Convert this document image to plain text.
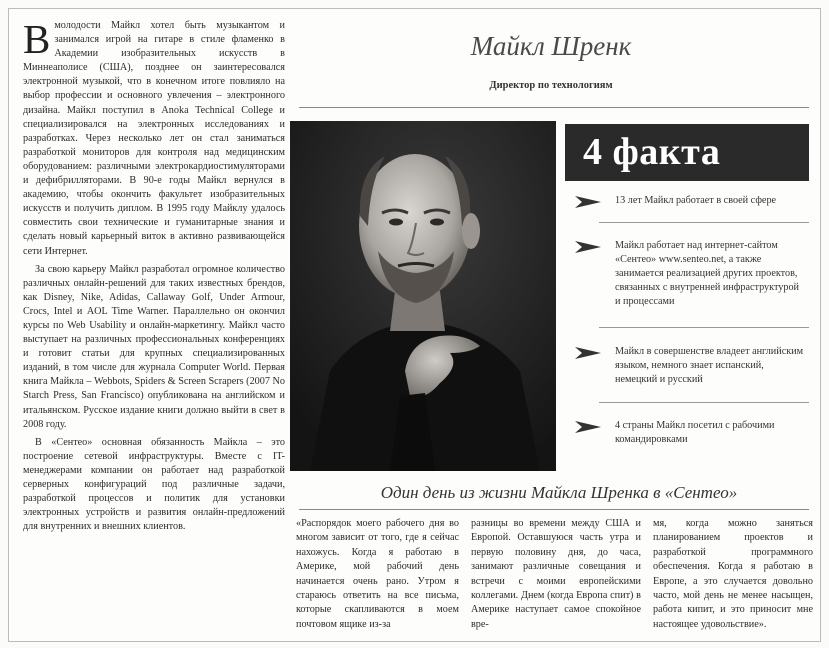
Вмолодости Майкл хотел быть музыкантом и занимался игрой на гитаре в стиле фламенко в Академии изобразительных искусств в Миннеаполисе (США), позднее он заинтересовался электронной музыкой, что в конечном итоге повлияло на выбор профессии и основного увлечения – электронного дизайна. Майкл поступил в Anoka Technical College и специализировался на электронных исследованиях и разработках. Через несколько лет он стал заниматься разработкой мониторов для контроля над медицинским оборудованием: различными электрокардиостимуляторами и дефибрилляторами. В 90-е годы Майкл вернулся в академию, чтобы окончить факультет изобразительных искусств и получить диплом. В 1995 году Майклу удалось совместить свои технические и гуманитарные знания и сделать новый карьерный виток в активно развивающейся сети Интернет.

За свою карьеру Майкл разработал огромное количество различных онлайн-решений для таких известных брендов, как Disney, Nike, Adidas, Callaway Golf, Under Armour, Crocs, Intel и AOL Time Warner. Параллельно он окончил курсы по Web Usability и онлайн-маркетингу. Майкл часто выступает на различных профессиональных конференциях и готовит статьи для крупных специализированных изданий, в том числе для журнала Computer World. Первая книга Майкла – Webbots, Spiders & Screen Scrapers (2007 No Starch Press, San Francisco) опубликована на английском и итальянском. Русское издание книги должно выйти в свет в 2008 году.

В «Сентео» основная обязанность Майкла – это построение сетевой инфраструктуры. Вместе с IT-менеджерами компании он работает над разработкой серверных конфигураций под различные задачи, разработкой процессов и политик для установки электронных устройств и развития онлайн-предложений для внутренних и внешних клиентов.

Майкл Шренк
Директор по технологиям
4 факта
13 лет Майкл работает в своей сфере
Майкл работает над интернет-сайтом «Сентео» www.senteo.net, а также занимается реализацией других проектов, связанных с внутренней инфраструктурой и процессами
Майкл в совершенстве владеет английским языком, немного знает испанский, немецкий и русский
4 страны Майкл посетил с рабочими командировками
Один день из жизни Майкла Шренка в «Сентео»
«Распорядок моего рабочего дня во многом зависит от того, где я сейчас нахожусь. Когда я работаю в Америке, мой рабочий день начинается очень рано. Утром я стараюсь ответить на все письма, которые скапливаются в моем почтовом ящике из-за
разницы во времени между США и Европой. Оставшуюся часть утра и первую половину дня, до часа, занимают различные совещания и встречи с моими европейскими коллегами. Днем (когда Европа спит) в Америке наступает самое спокойное вре-
мя, когда можно заняться планированием проектов и разработкой программного обеспечения. Когда я работаю в Европе, а это случается довольно часто, мой день не менее насыщен, работа кипит, и это приносит мне настоящее удовольствие».
